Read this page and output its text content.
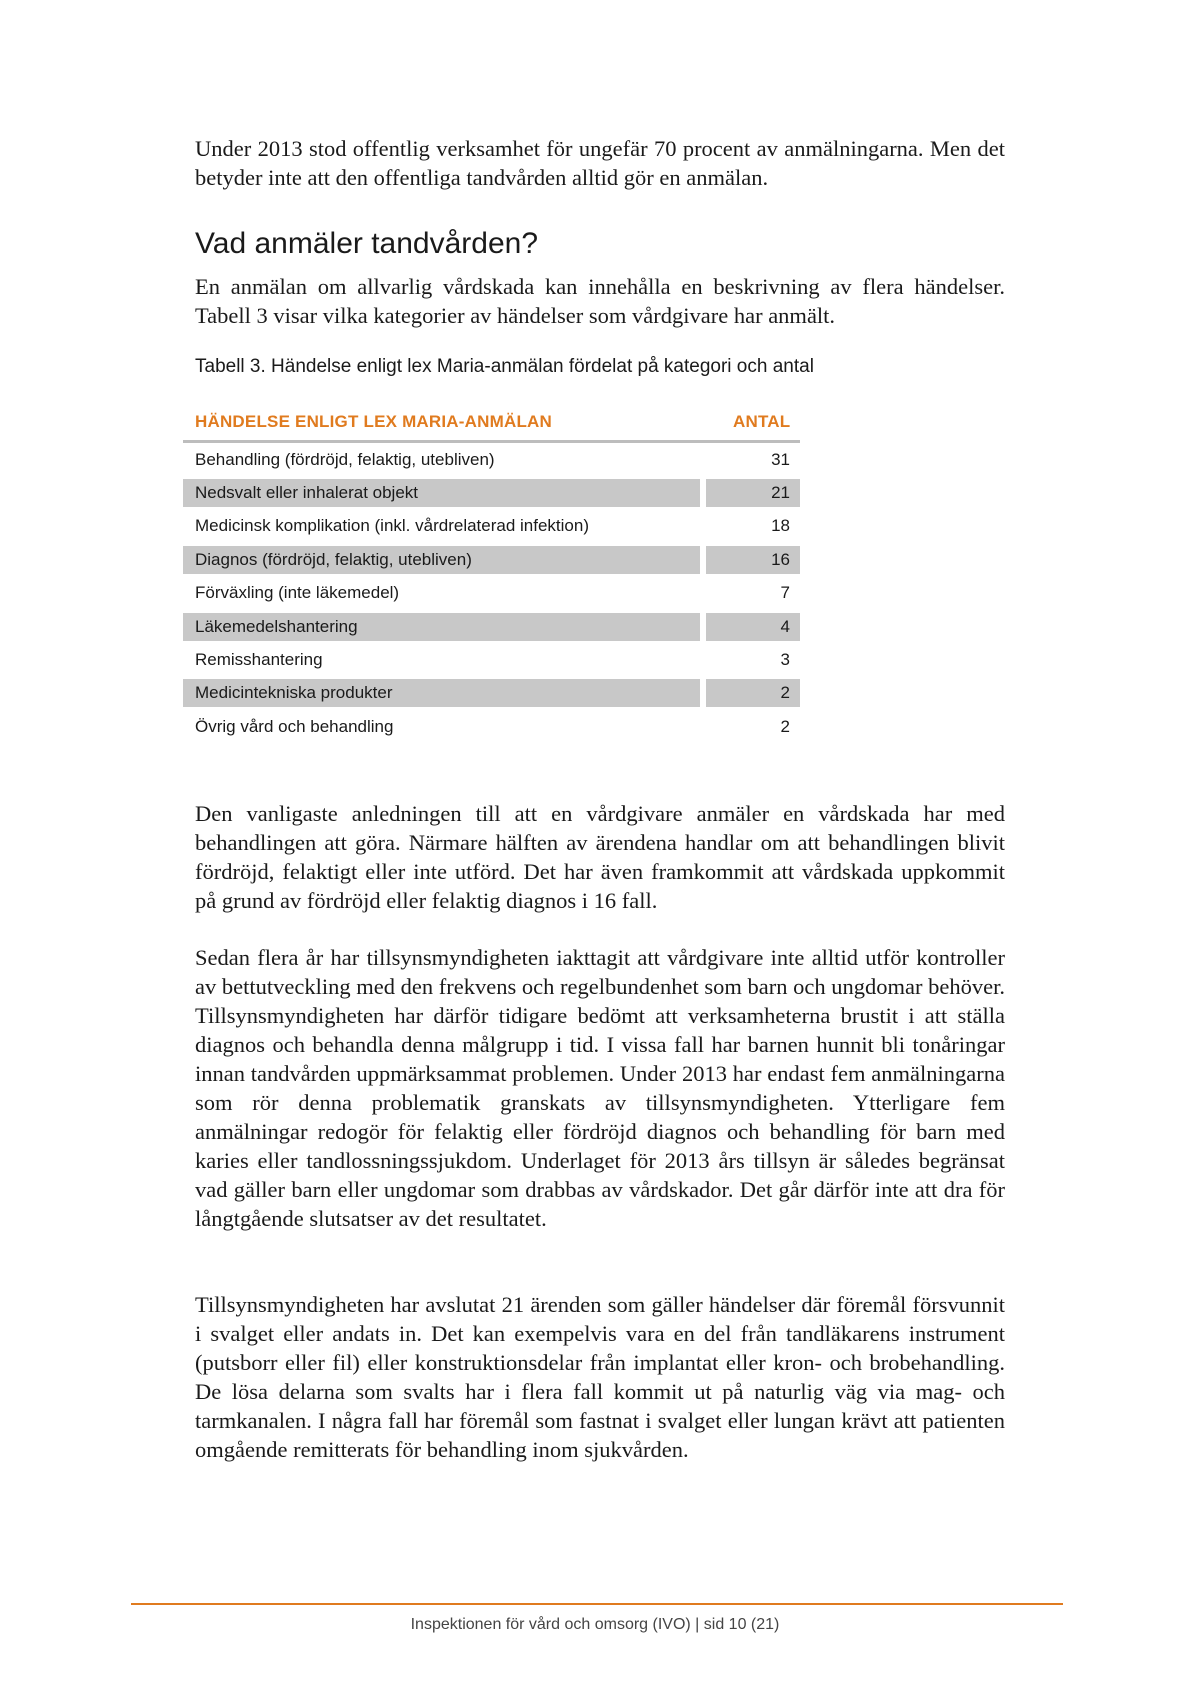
Under 2013 stod offentlig verksamhet för ungefär 70 procent av anmälningarna. Men det betyder inte att den offentliga tandvården alltid gör en anmälan.

Vad anmäler tandvården?

En anmälan om allvarlig vårdskada kan innehålla en beskrivning av flera händelser. Tabell 3 visar vilka kategorier av händelser som vårdgivare har anmält.

Tabell 3. Händelse enligt lex Maria-anmälan fördelat på kategori och antal

HÄNDELSE ENLIGT LEX MARIA-ANMÄLAN	ANTAL
Behandling (fördröjd, felaktig, utebliven)	31
Nedsvalt eller inhalerat objekt	21
Medicinsk komplikation (inkl. vårdrelaterad infektion)	18
Diagnos (fördröjd, felaktig, utebliven)	16
Förväxling (inte läkemedel)	7
Läkemedelshantering	4
Remisshantering	3
Medicintekniska produkter	2
Övrig vård och behandling	2

Den vanligaste anledningen till att en vårdgivare anmäler en vårdskada har med behandlingen att göra. Närmare hälften av ärendena handlar om att behandlingen blivit fördröjd, felaktigt eller inte utförd. Det har även framkommit att vårdskada uppkommit på grund av fördröjd eller felaktig diagnos i 16 fall.

Sedan flera år har tillsynsmyndigheten iakttagit att vårdgivare inte alltid utför kontroller av bettutveckling med den frekvens och regelbundenhet som barn och ungdomar behöver. Tillsynsmyndigheten har därför tidigare bedömt att verksamheterna brustit i att ställa diagnos och behandla denna målgrupp i tid. I vissa fall har barnen hunnit bli tonåringar innan tandvården uppmärksammat problemen. Under 2013 har endast fem anmälningarna som rör denna problematik granskats av tillsynsmyndigheten. Ytterligare fem anmälningar redogör för felaktig eller fördröjd diagnos och behandling för barn med karies eller tandlossningssjukdom. Underlaget för 2013 års tillsyn är således begränsat vad gäller barn eller ungdomar som drabbas av vårdskador. Det går därför inte att dra för långtgående slutsatser av det resultatet.

Tillsynsmyndigheten har avslutat 21 ärenden som gäller händelser där föremål försvunnit i svalget eller andats in. Det kan exempelvis vara en del från tandläkarens instrument (putsborr eller fil) eller konstruktionsdelar från implantat eller kron- och brobehandling. De lösa delarna som svalts har i flera fall kommit ut på naturlig väg via mag- och tarmkanalen. I några fall har föremål som fastnat i svalget eller lungan krävt att patienten omgående remitterats för behandling inom sjukvården.

Inspektionen för vård och omsorg (IVO) | sid 10 (21)
